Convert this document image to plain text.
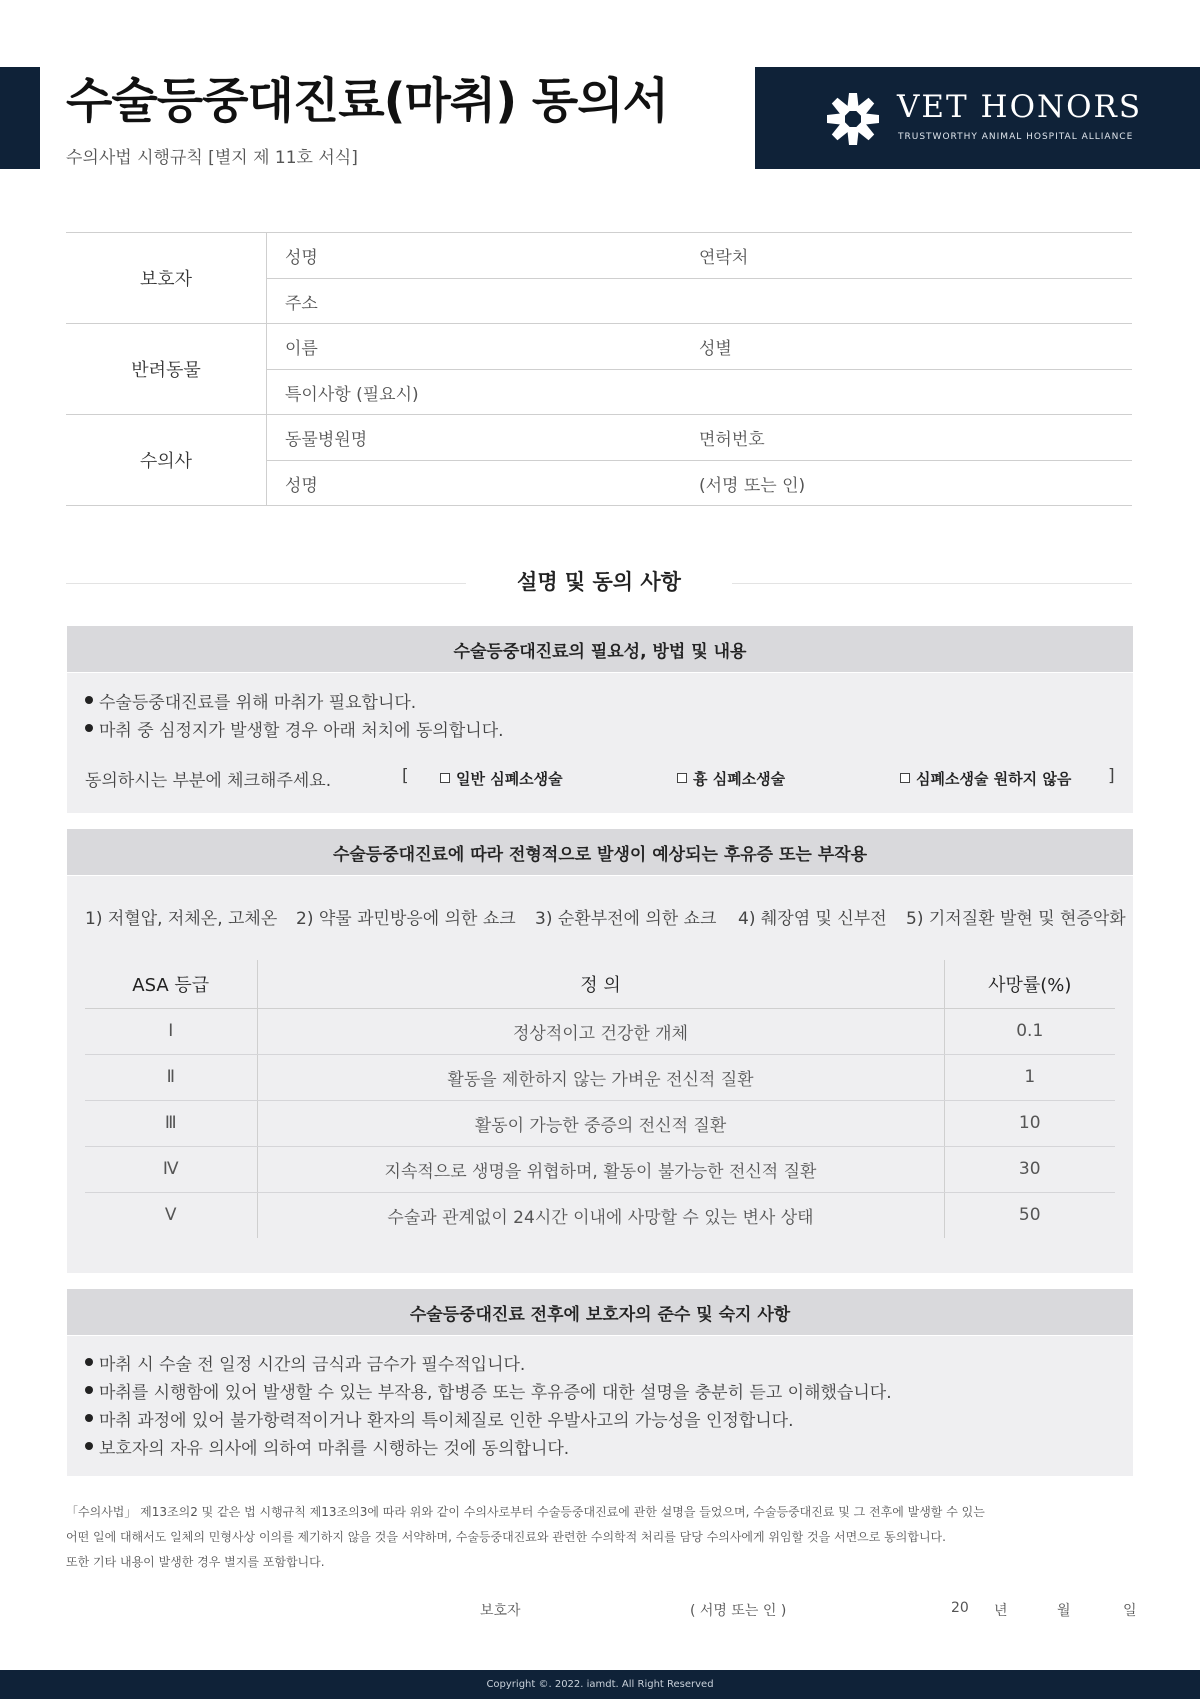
수술등중대진료(마취) 동의서
수의사법 시행규칙 [별지 제 11호 서식]
VET HONORS
TRUSTWORTHY ANIMAL HOSPITAL ALLIANCE
보호자
성명	연락처
주소
반려동물
이름	성별
특이사항 (필요시)
수의사
동물병원명	면허번호
성명	(서명 또는 인)
설명 및 동의 사항
수술등중대진료의 필요성, 방법 및 내용
수술등중대진료를 위해 마취가 필요합니다.
마취 중 심정지가 발생할 경우 아래 처치에 동의합니다.
동의하시는 부분에 체크해주세요.	[	일반 심폐소생술	흉 심폐소생술	심폐소생술 원하지 않음 ]
수술등중대진료에 따라 전형적으로 발생이 예상되는 후유증 또는 부작용
1) 저혈압, 저체온, 고체온 2) 약물 과민방응에 의한 쇼크 3) 순환부전에 의한 쇼크 4) 췌장염 및 신부전 5) 기저질환 발현 및 현증악화
ASA 등급	정 의	사망률(%)
Ⅰ	정상적이고 건강한 개체	0.1
Ⅱ	활동을 제한하지 않는 가벼운 전신적 질환	1
Ⅲ	활동이 가능한 중증의 전신적 질환	10
Ⅳ	지속적으로 생명을 위협하며, 활동이 불가능한 전신적 질환	30
Ⅴ	수술과 관계없이 24시간 이내에 사망할 수 있는 변사 상태	50
수술등중대진료 전후에 보호자의 준수 및 숙지 사항
마취 시 수술 전 일정 시간의 금식과 금수가 필수적입니다.
마취를 시행함에 있어 발생할 수 있는 부작용, 합병증 또는 후유증에 대한 설명을 충분히 듣고 이해했습니다.
마취 과정에 있어 불가항력적이거나 환자의 특이체질로 인한 우발사고의 가능성을 인정합니다.
보호자의 자유 의사에 의하여 마취를 시행하는 것에 동의합니다.

「수의사법」 제13조의2 및 같은 법 시행규칙 제13조의3에 따라 위와 같이 수의사로부터 수술등중대진료에 관한 설명을 들었으며, 수술등중대진료 및 그 전후에 발생할 수 있는

어떤 일에 대해서도 일체의 민형사상 이의를 제기하지 않을 것을 서약하며, 수술등중대진료와 관련한 수의학적 처리를 담당 수의사에게 위임할 것을 서면으로 동의합니다.

또한 기타 내용이 발생한 경우 별지를 포함합니다.

보호자	( 서명 또는 인 )	20 년	월	일
Copyright ©. 2022. iamdt. All Right Reserved
